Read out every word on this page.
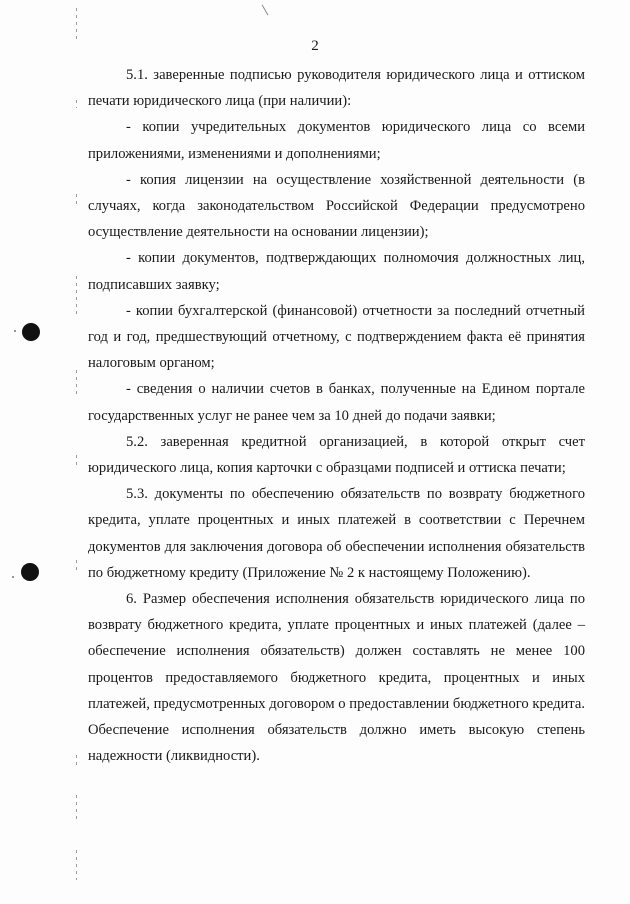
2

5.1. заверенные подписью руководителя юридического лица и оттиском печати юридического лица (при наличии):

- копии учредительных документов юридического лица со всеми приложениями, изменениями и дополнениями;

- копия лицензии на осуществление хозяйственной деятельности (в случаях, когда законодательством Российской Федерации предусмотрено осуществление деятельности на основании лицензии);

- копии документов, подтверждающих полномочия должностных лиц, подписавших заявку;

- копии бухгалтерской (финансовой) отчетности за последний отчетный год и год, предшествующий отчетному, с подтверждением факта её принятия налоговым органом;

- сведения о наличии счетов в банках, полученные на Едином портале государственных услуг не ранее чем за 10 дней до подачи заявки;

5.2. заверенная кредитной организацией, в которой открыт счет юридического лица, копия карточки с образцами подписей и оттиска печати;

5.3. документы по обеспечению обязательств по возврату бюджетного кредита, уплате процентных и иных платежей в соответствии с Перечнем документов для заключения договора об обеспечении исполнения обязательств по бюджетному кредиту (Приложение № 2 к настоящему Положению).

6. Размер обеспечения исполнения обязательств юридического лица по возврату бюджетного кредита, уплате процентных и иных платежей (далее – обеспечение исполнения обязательств) должен составлять не менее 100 процентов предоставляемого бюджетного кредита, процентных и иных платежей, предусмотренных договором о предоставлении бюджетного кредита. Обеспечение исполнения обязательств должно иметь высокую степень надежности (ликвидности).
